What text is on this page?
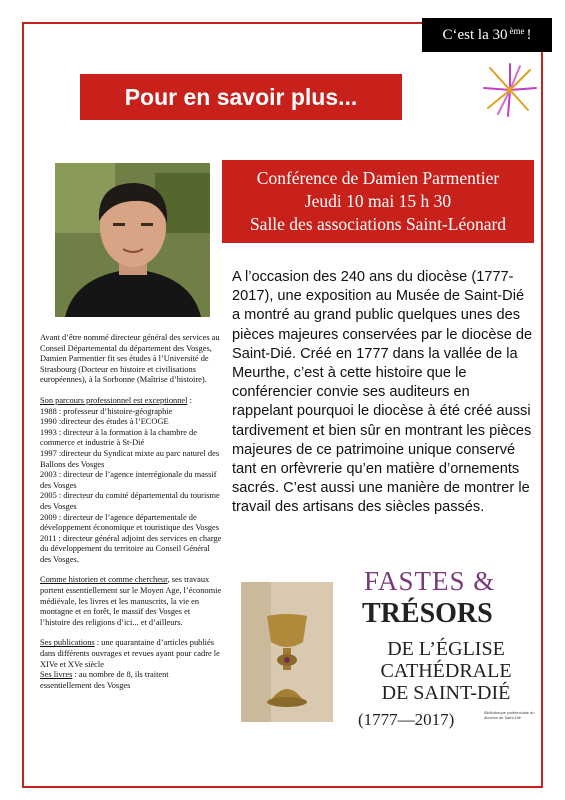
C‘est la 30ème !
Pour en savoir plus...
Conférence de Damien Parmentier
Jeudi 10 mai 15 h 30
Salle des associations Saint-Léonard
A l’occasion des 240 ans du diocèse (1777-2017), une exposition au Musée de Saint-Dié a montré au grand public quelques unes des pièces majeures conservées par le diocèse de Saint-Dié. Créé en 1777 dans la vallée de la Meurthe, c’est à cette histoire que le conférencier convie ses auditeurs en rappelant pourquoi le diocèse à été créé aussi tardivement et bien sûr en montrant les pièces majeures de ce patrimoine unique conservé tant en orfèvrerie qu’en matière d’ornements sacrés. C’est aussi une manière de montrer le travail des artisans des siècles passés.

Avant d’être nommé directeur général des services au Conseil Départemental du département des Vosges, Damien Parmentier fit ses études à l’Université de Strasbourg (Docteur en histoire et civilisations européennes), à la Sorbonne (Maîtrise d’histoire).

Son parcours professionnel est exceptionnel :
1988 : professeur d’histoire-géographie
1990 :directeur des études à l’ECOGE
1993 : directeur à la formation à la chambre de commerce et industrie à St-Dié
1997 :directeur du Syndicat mixte au parc naturel des Ballons des Vosges
2003 : directeur de l’agence interrégionale du massif des Vosges
2005 : directeur du comité départemental du tourisme des Vosges
2009 : directeur de l’agence départementale de développement économique et touristique des Vosges
2011 : directeur général adjoint des services en charge du développement du territoire au Conseil Général des Vosges.

Comme historien et comme chercheur, ses travaux portent essentiellement sur le Moyen Age, l’économie médiévale, les livres et les manuscrits, la vie en montagne et en forêt, le massif des Vosges et l’histoire des religions d’ici... et d’ailleurs.

Ses publications : une quarantaine d’articles publiés dans différents ouvrages et revues ayant pour cadre le XIVe et XVe siècle
Ses livres : au nombre de 8, ils traitent essentiellement des Vosges

FASTES &
TRÉSORS
DE L’ÉGLISE CATHÉDRALE DE SAINT-DIÉ
(1777—2017)	Bibliothèque patrimoniale du diocèse de Saint-Dié
